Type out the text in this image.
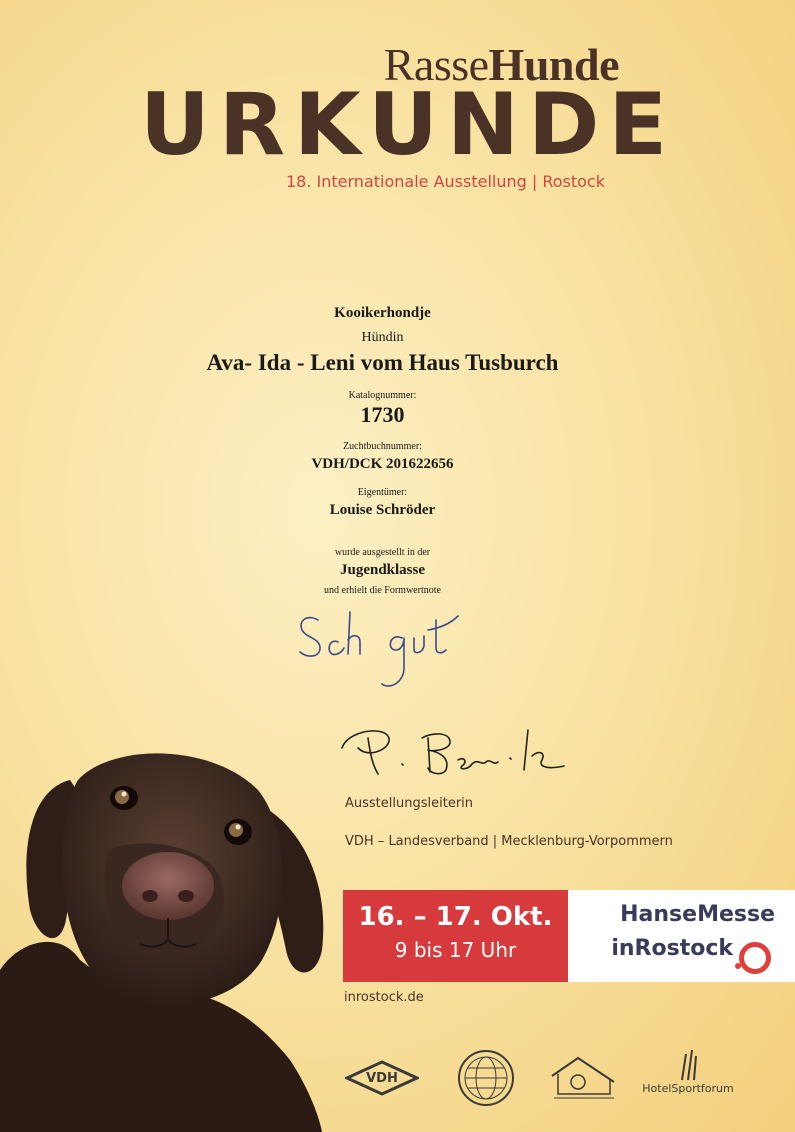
RasseHunde
URKUNDE
18. Internationale Ausstellung | Rostock
Kooikerhondje
Hündin
Ava- Ida - Leni vom Haus Tusburch
Katalognummer:
1730
Zuchtbuchnummer:
VDH/DCK 201622656
Eigentümer:
Louise Schröder
wurde ausgestellt in der
Jugendklasse
und erhielt die Formwertnote
Ausstellungsleiterin
VDH – Landesverband | Mecklenburg-Vorpommern
16. – 17. Okt.
9 bis 17 Uhr
HanseMesse
inRostock
inrostock.de
VDH
HotelSportforum
